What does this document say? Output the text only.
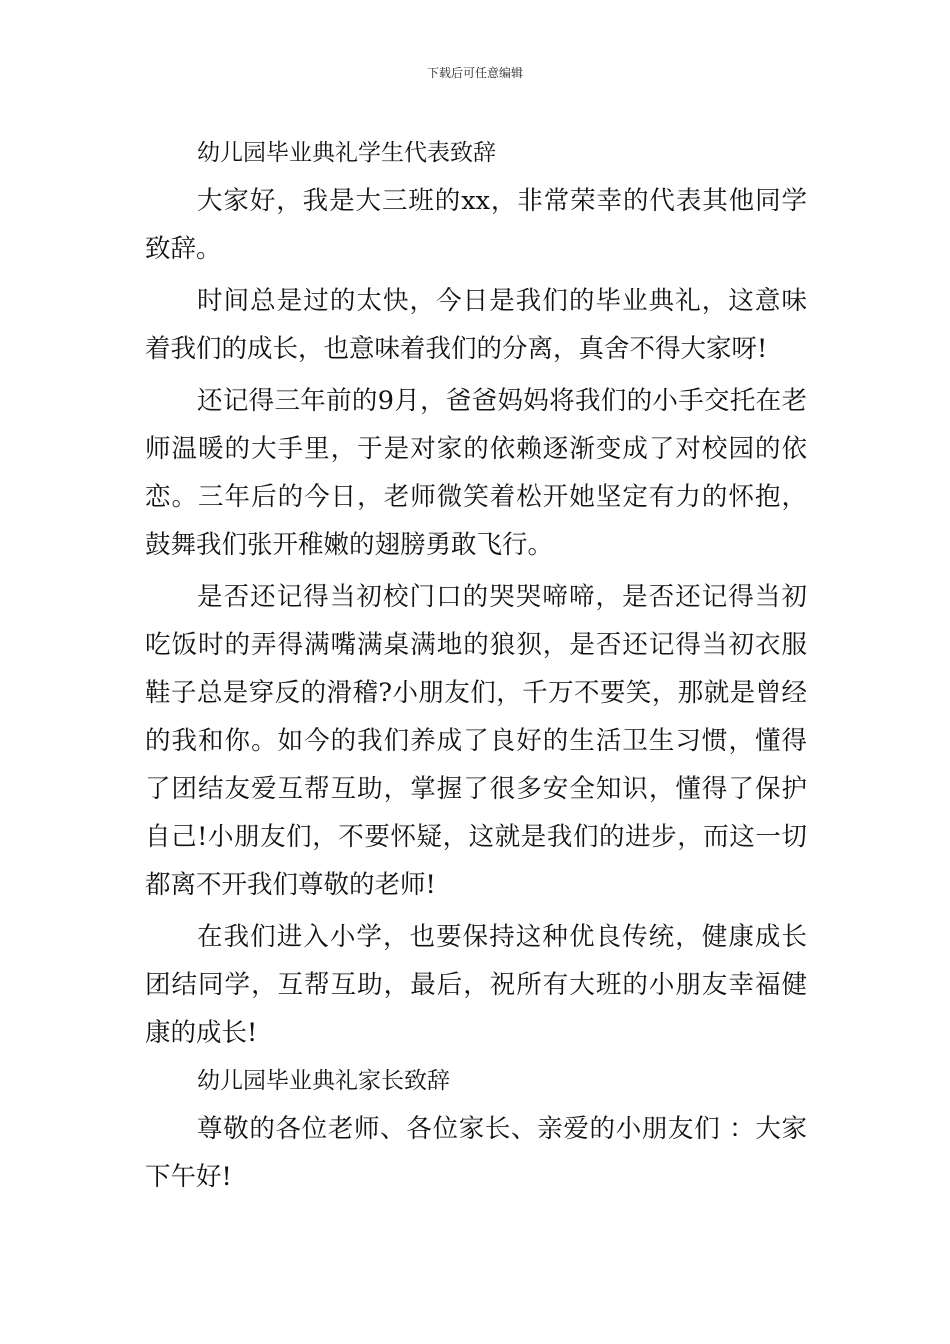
下载后可任意编辑

幼儿园毕业典礼学生代表致辞

大家好，我是大三班的xx，非常荣幸的代表其他同学致辞。

时间总是过的太快，今日是我们的毕业典礼，这意味着我们的成长，也意味着我们的分离，真舍不得大家呀!

还记得三年前的9月，爸爸妈妈将我们的小手交托在老师温暖的大手里，于是对家的依赖逐渐变成了对校园的依恋。三年后的今日，老师微笑着松开她坚定有力的怀抱，鼓舞我们张开稚嫩的翅膀勇敢飞行。

是否还记得当初校门口的哭哭啼啼，是否还记得当初吃饭时的弄得满嘴满桌满地的狼狈，是否还记得当初衣服鞋子总是穿反的滑稽?小朋友们，千万不要笑，那就是曾经的我和你。如今的我们养成了良好的生活卫生习惯，懂得了团结友爱互帮互助，掌握了很多安全知识，懂得了保护自己!小朋友们，不要怀疑，这就是我们的进步，而这一切都离不开我们尊敬的老师!

在我们进入小学，也要保持这种优良传统，健康成长团结同学，互帮互助，最后，祝所有大班的小朋友幸福健康的成长!

幼儿园毕业典礼家长致辞

尊敬的各位老师、各位家长、亲爱的小朋友们 ：大家下午好!
